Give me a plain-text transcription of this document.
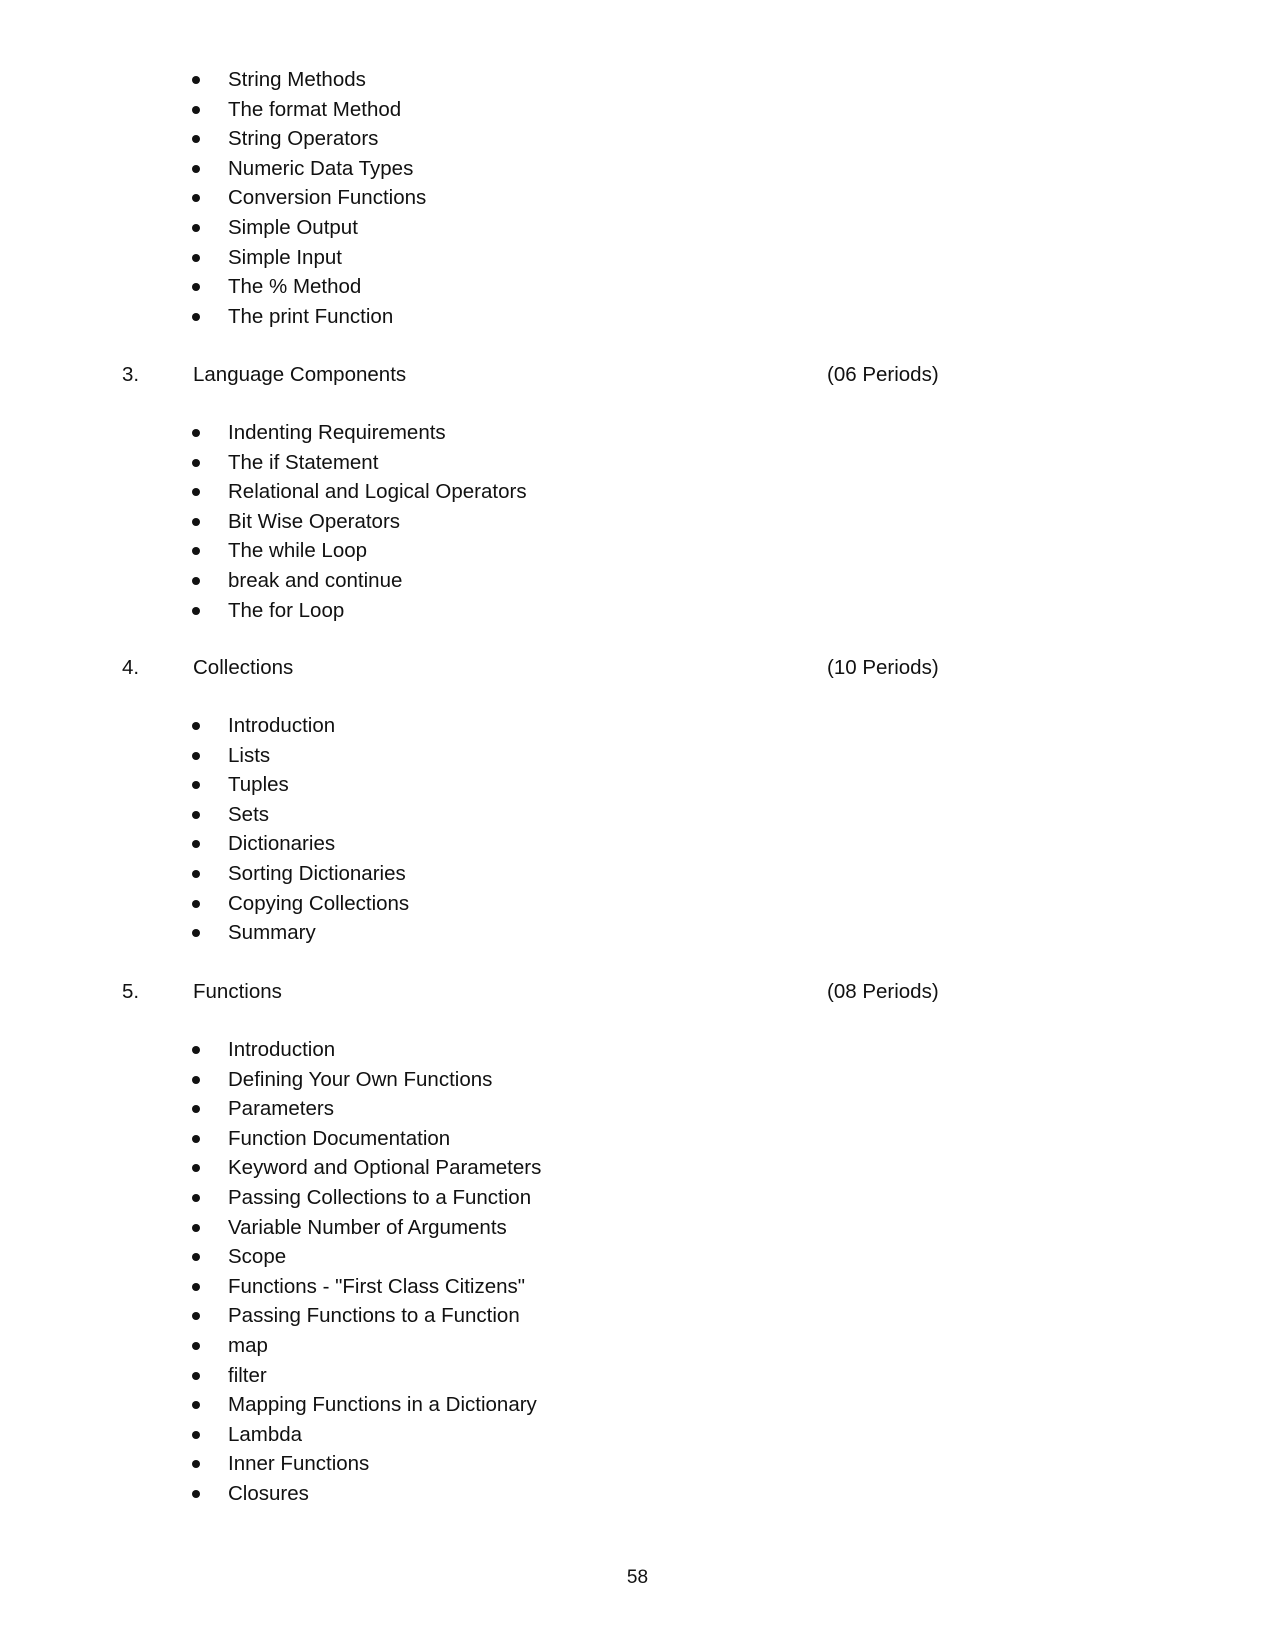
String Methods
The format Method
String Operators
Numeric Data Types
Conversion Functions
Simple Output
Simple Input
The % Method
The print Function
3.	Language Components	(06 Periods)
Indenting Requirements
The if Statement
Relational and Logical Operators
Bit Wise Operators
The while Loop
break and continue
The for Loop
4.	Collections	(10 Periods)
Introduction
Lists
Tuples
Sets
Dictionaries
Sorting Dictionaries
Copying Collections
Summary
5.	Functions	(08 Periods)
Introduction
Defining Your Own Functions
Parameters
Function Documentation
Keyword and Optional Parameters
Passing Collections to a Function
Variable Number of Arguments
Scope
Functions - "First Class Citizens"
Passing Functions to a Function
map
filter
Mapping Functions in a Dictionary
Lambda
Inner Functions
Closures
58
